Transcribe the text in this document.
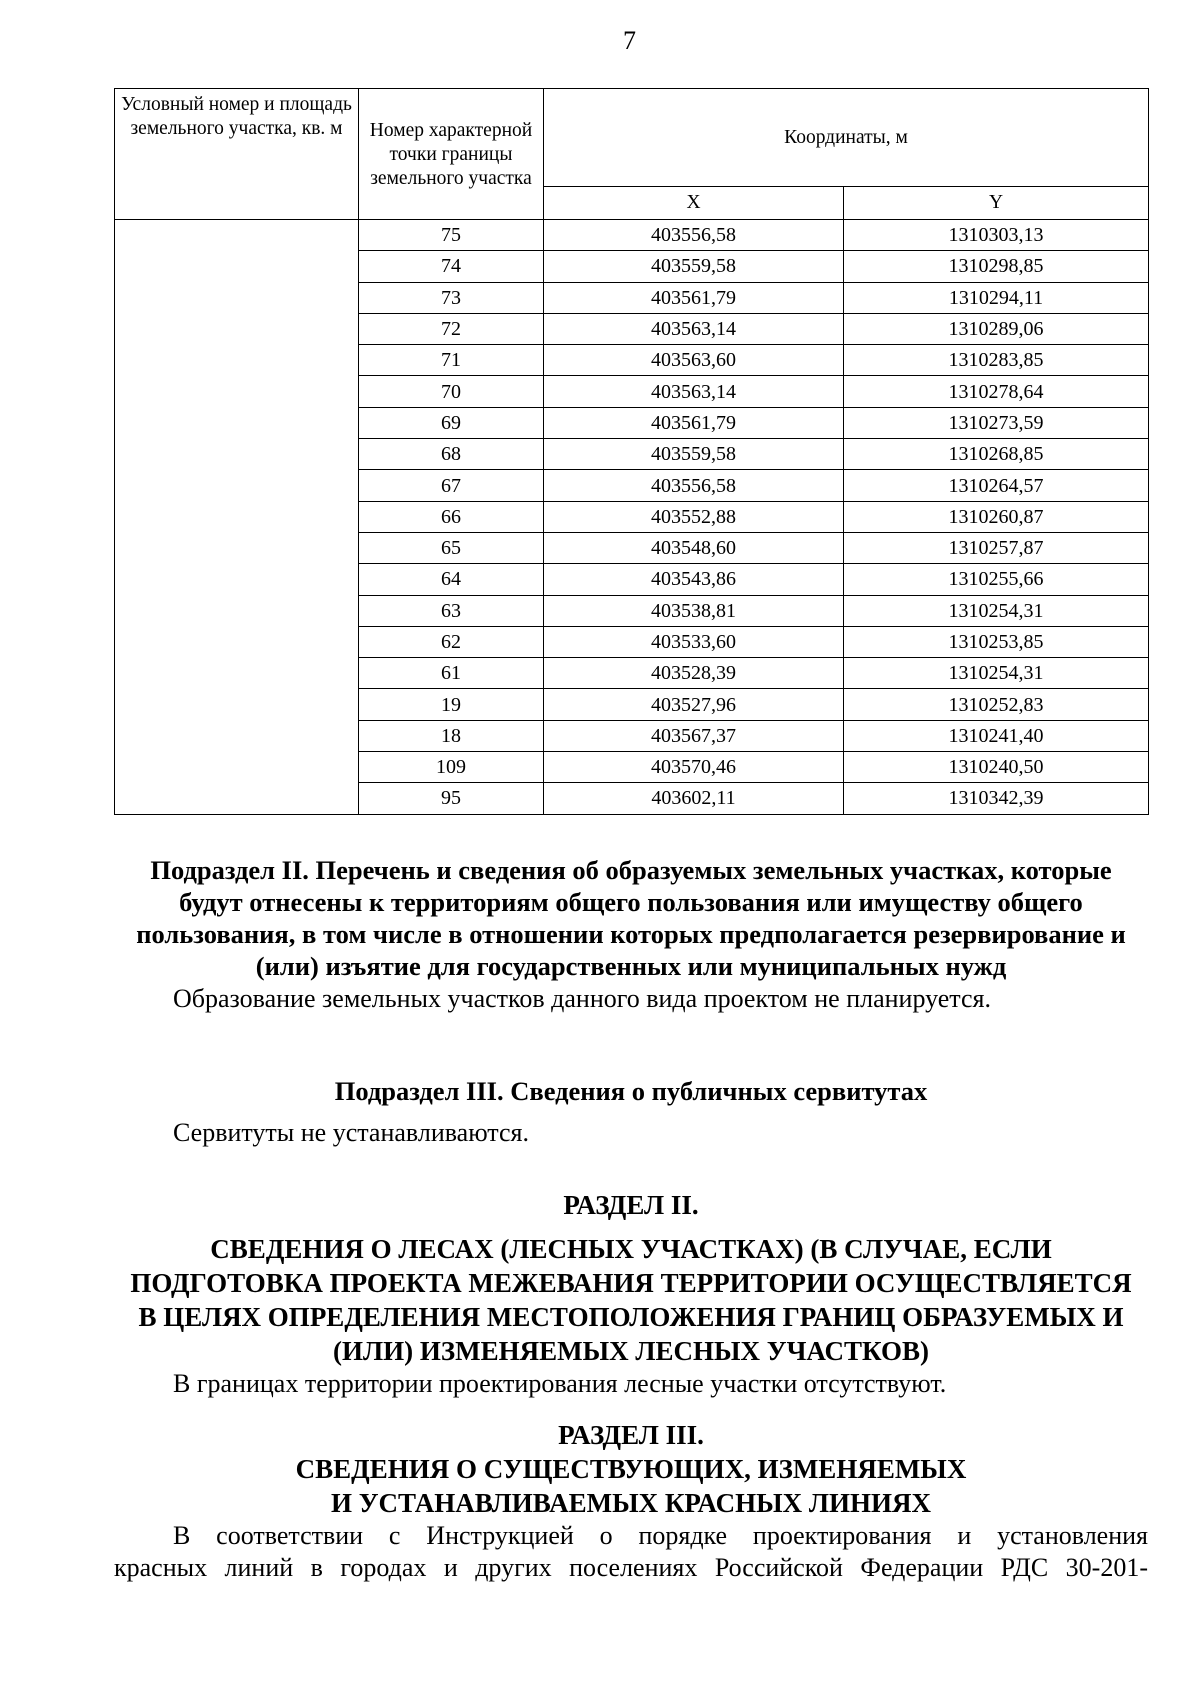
7
Условный номер и площадь земельного участка, кв. м	Номер характерной точки границы земельного участка	Координаты, м	
		X	Y
	75	403556,58	1310303,13
	74	403559,58	1310298,85
	73	403561,79	1310294,11
	72	403563,14	1310289,06
	71	403563,60	1310283,85
	70	403563,14	1310278,64
	69	403561,79	1310273,59
	68	403559,58	1310268,85
	67	403556,58	1310264,57
	66	403552,88	1310260,87
	65	403548,60	1310257,87
	64	403543,86	1310255,66
	63	403538,81	1310254,31
	62	403533,60	1310253,85
	61	403528,39	1310254,31
	19	403527,96	1310252,83
	18	403567,37	1310241,40
	109	403570,46	1310240,50
	95	403602,11	1310342,39

Подраздел II. Перечень и сведения об образуемых земельных участках, которые будут отнесены к территориям общего пользования или имуществу общего пользования, в том числе в отношении которых предполагается резервирование и (или) изъятие для государственных или муниципальных нужд

Образование земельных участков данного вида проектом не планируется.

Подраздел III. Сведения о публичных сервитутах

Сервитуты не устанавливаются.

РАЗДЕЛ II.

СВЕДЕНИЯ О ЛЕСАХ (ЛЕСНЫХ УЧАСТКАХ) (В СЛУЧАЕ, ЕСЛИ ПОДГОТОВКА ПРОЕКТА МЕЖЕВАНИЯ ТЕРРИТОРИИ ОСУЩЕСТВЛЯЕТСЯ В ЦЕЛЯХ ОПРЕДЕЛЕНИЯ МЕСТОПОЛОЖЕНИЯ ГРАНИЦ ОБРАЗУЕМЫХ И (ИЛИ) ИЗМЕНЯЕМЫХ ЛЕСНЫХ УЧАСТКОВ)

В границах территории проектирования лесные участки отсутствуют.

РАЗДЕЛ III.

СВЕДЕНИЯ О СУЩЕСТВУЮЩИХ, ИЗМЕНЯЕМЫХ

И УСТАНАВЛИВАЕМЫХ КРАСНЫХ ЛИНИЯХ

В соответствии с Инструкцией о порядке проектирования и установления

красных линий в городах и других поселениях Российской Федерации РДС 30-201-
